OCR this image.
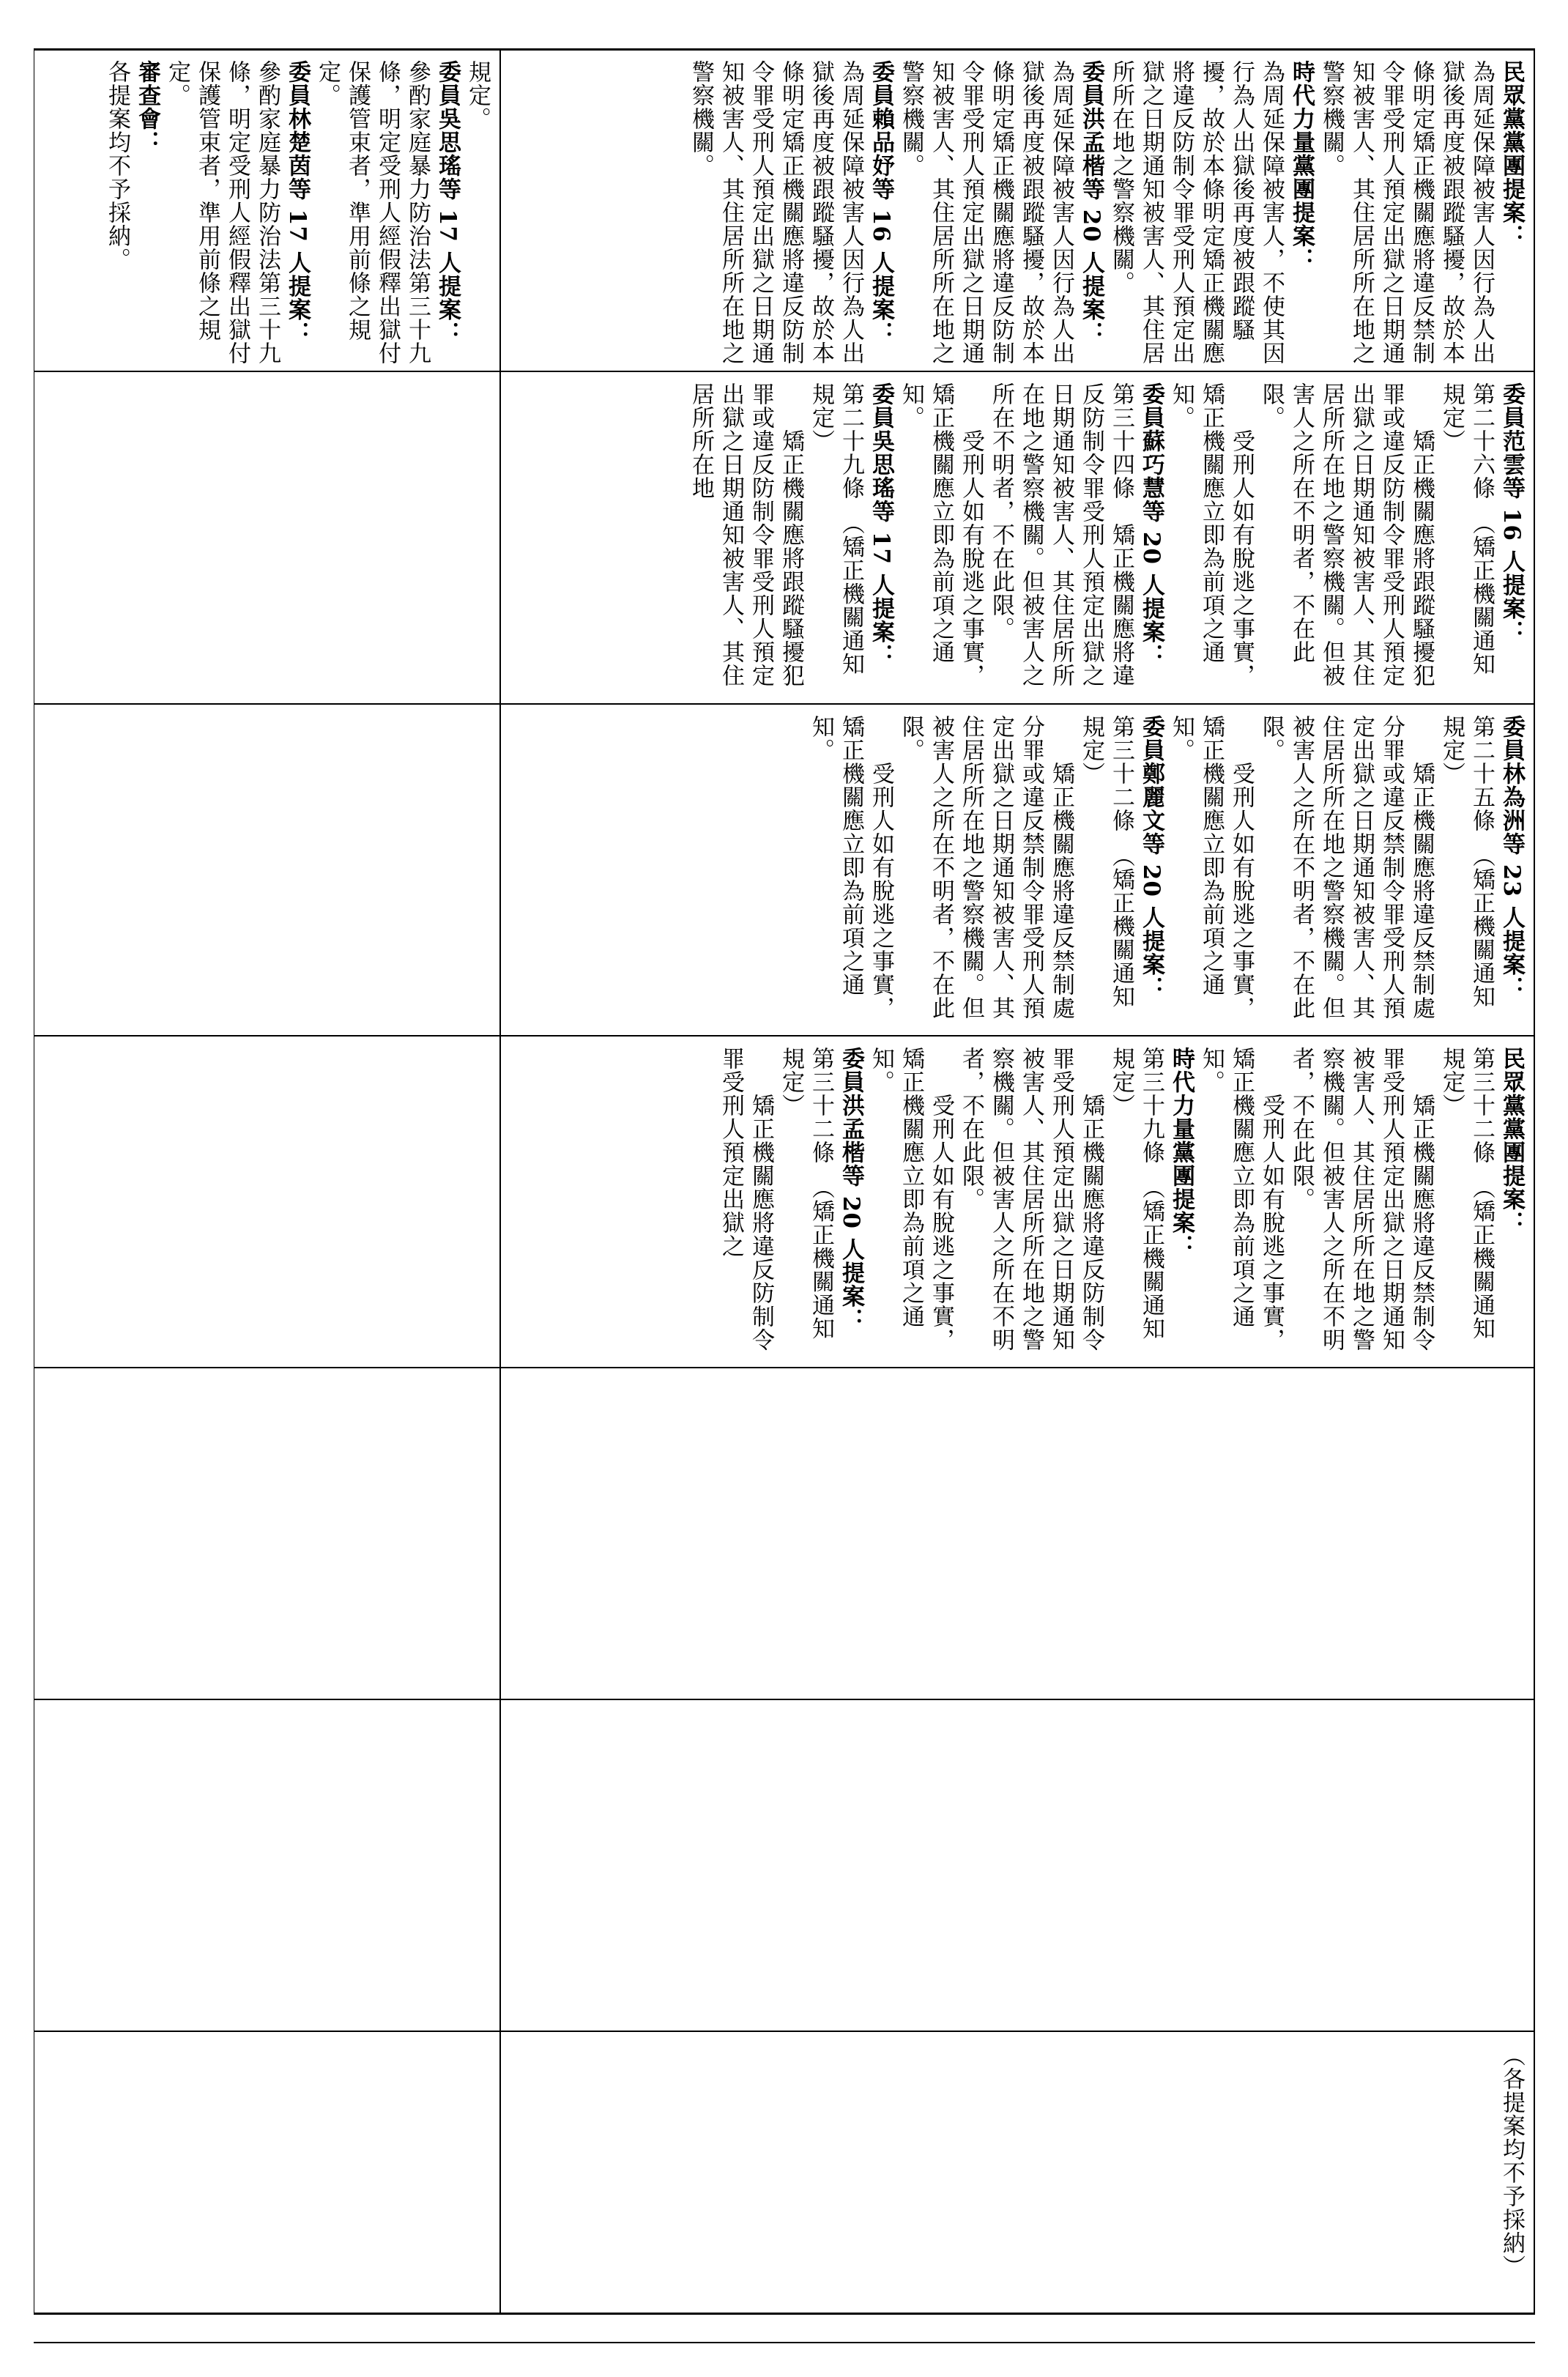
規定。

委員吳思瑤等 17 人提案：

參酌家庭暴力防治法第三十九條，明定受刑人經假釋出獄付保護管束者，準用前條之規定。

委員林楚茵等 17 人提案：

參酌家庭暴力防治法第三十九條，明定受刑人經假釋出獄付保護管束者，準用前條之規定。

審查會：

各提案均不予採納。	民眾黨黨團提案：

為周延保障被害人因行為人出獄後再度被跟蹤騷擾，故於本條明定矯正機關應將違反禁制令罪受刑人預定出獄之日期通知被害人、其住居所所在地之警察機關。

時代力量黨團提案：

為周延保障被害人，不使其因行為人出獄後再度被跟蹤騷擾，故於本條明定矯正機關應將違反防制令罪受刑人預定出獄之日期通知被害人、其住居所所在地之警察機關。

委員洪孟楷等 20 人提案：

為周延保障被害人因行為人出獄後再度被跟蹤騷擾，故於本條明定矯正機關應將違反防制令罪受刑人預定出獄之日期通知被害人、其住居所所在地之警察機關。

委員賴品妤等 16 人提案：

為周延保障被害人因行為人出獄後再度被跟蹤騷擾，故於本條明定矯正機關應將違反防制令罪受刑人預定出獄之日期通知被害人、其住居所所在地之警察機關。

委員范雲等 16 人提案：

第二十六條　（矯正機關通知規定）

　　矯正機關應將跟蹤騷擾犯罪或違反防制令罪受刑人預定出獄之日期通知被害人、其住居所所在地之警察機關。但被害人之所在不明者，不在此限。

　　受刑人如有脫逃之事實，矯正機關應立即為前項之通知。

委員蘇巧慧等 20 人提案：

第三十四條　矯正機關應將違反防制令罪受刑人預定出獄之日期通知被害人、其住居所所在地之警察機關。但被害人之所在不明者，不在此限。

　　受刑人如有脫逃之事實，矯正機關應立即為前項之通知。

委員吳思瑤等 17 人提案：

第二十九條　（矯正機關通知規定）

　　矯正機關應將跟蹤騷擾犯罪或違反防制令罪受刑人預定出獄之日期通知被害人、其住居所所在地

委員林為洲等 23 人提案：

第二十五條　（矯正機關通知規定）

　　矯正機關應將違反禁制處分罪或違反禁制令罪受刑人預定出獄之日期通知被害人、其住居所所在地之警察機關。但被害人之所在不明者，不在此限。

　　受刑人如有脫逃之事實，矯正機關應立即為前項之通知。

委員鄭麗文等 20 人提案：

第三十二條　（矯正機關通知規定）

　　矯正機關應將違反禁制處分罪或違反禁制令罪受刑人預定出獄之日期通知被害人、其住居所所在地之警察機關。但被害人之所在不明者，不在此限。

　　受刑人如有脫逃之事實，矯正機關應立即為前項之通知。

民眾黨黨團提案：

第三十二條　（矯正機關通知規定）

　　矯正機關應將違反禁制令罪受刑人預定出獄之日期通知被害人、其住居所所在地之警察機關。但被害人之所在不明者，不在此限。

　　受刑人如有脫逃之事實，矯正機關應立即為前項之通知。

時代力量黨團提案：

第三十九條　（矯正機關通知規定）

　　矯正機關應將違反防制令罪受刑人預定出獄之日期通知被害人、其住居所所在地之警察機關。但被害人之所在不明者，不在此限。

　　受刑人如有脫逃之事實，矯正機關應立即為前項之通知。

委員洪孟楷等 20 人提案：

第三十二條　（矯正機關通知規定）

　　矯正機關應將違反防制令罪受刑人預定出獄之

（各提案均不予採納）
